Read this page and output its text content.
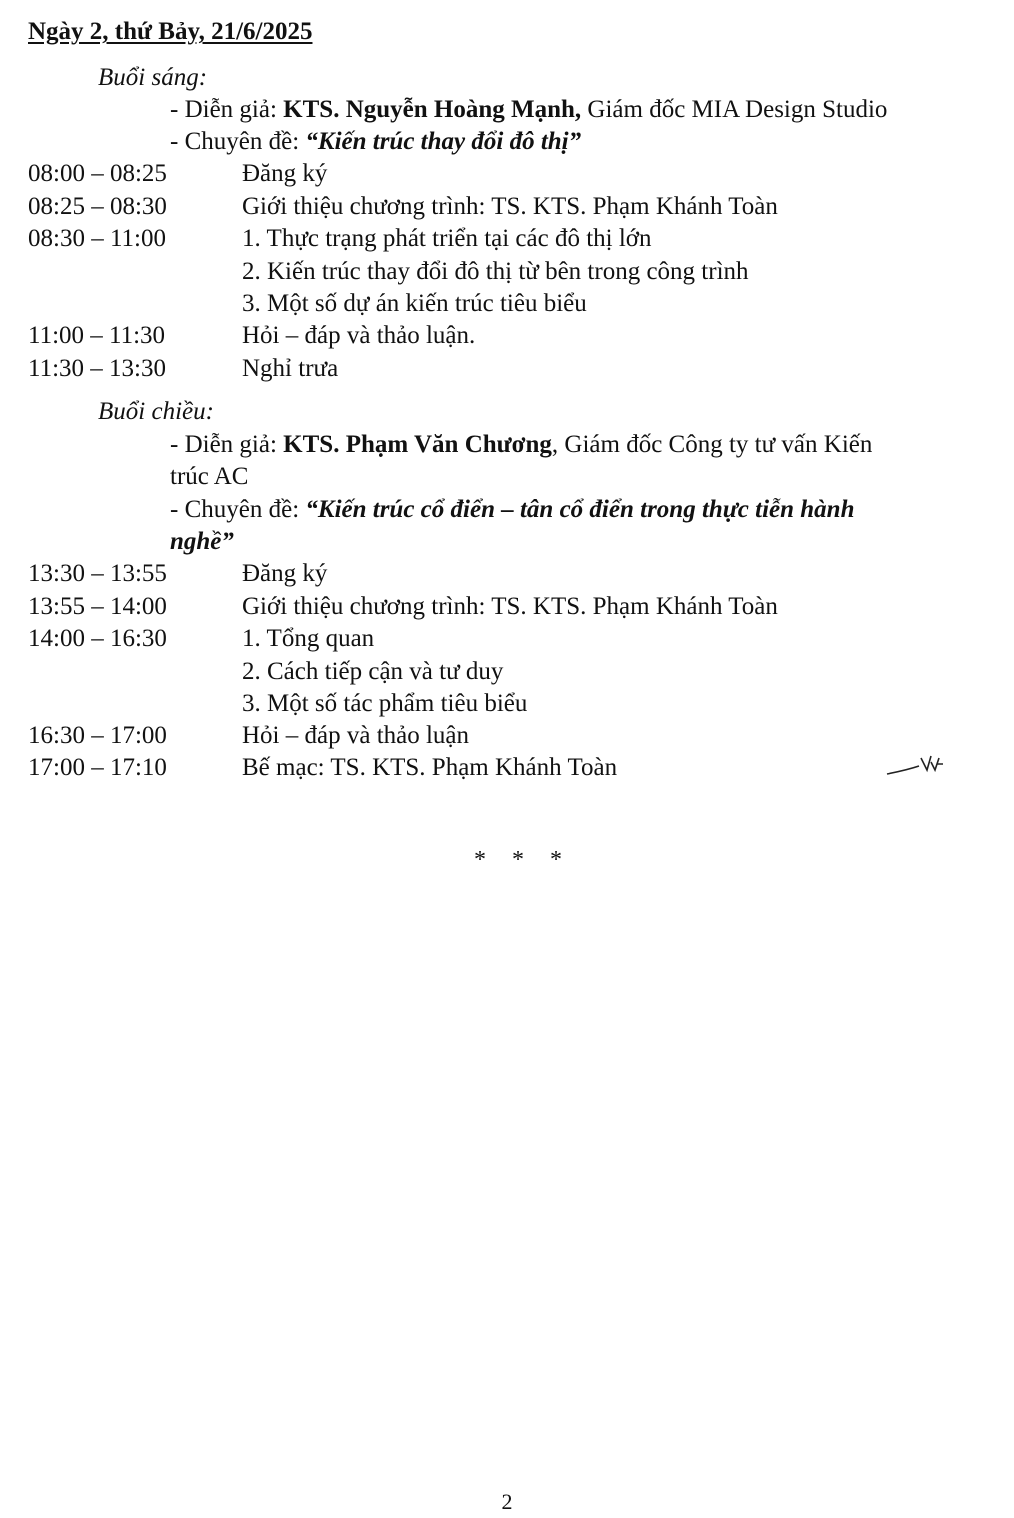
Ngày 2, thứ Bảy, 21/6/2025
Buổi sáng:
- Diễn giả: KTS. Nguyễn Hoàng Mạnh, Giám đốc MIA Design Studio
- Chuyên đề: “Kiến trúc thay đổi đô thị”
08:00 – 08:25	Đăng ký
08:25 – 08:30	Giới thiệu chương trình: TS. KTS. Phạm Khánh Toàn
08:30 – 11:00	1. Thực trạng phát triển tại các đô thị lớn
2. Kiến trúc thay đổi đô thị từ bên trong công trình
3. Một số dự án kiến trúc tiêu biểu
11:00 – 11:30	Hỏi – đáp và thảo luận.
11:30 – 13:30	Nghỉ trưa
Buổi chiều:
- Diễn giả: KTS. Phạm Văn Chương, Giám đốc Công ty tư vấn Kiến
trúc AC
- Chuyên đề: “Kiến trúc cổ điển – tân cổ điển trong thực tiễn hành
nghề”
13:30 – 13:55	Đăng ký
13:55 – 14:00	Giới thiệu chương trình: TS. KTS. Phạm Khánh Toàn
14:00 – 16:30	1. Tổng quan
2. Cách tiếp cận và tư duy
3. Một số tác phẩm tiêu biểu
16:30 – 17:00	Hỏi – đáp và thảo luận
17:00 – 17:10	Bế mạc: TS. KTS. Phạm Khánh Toàn
* * *
2
